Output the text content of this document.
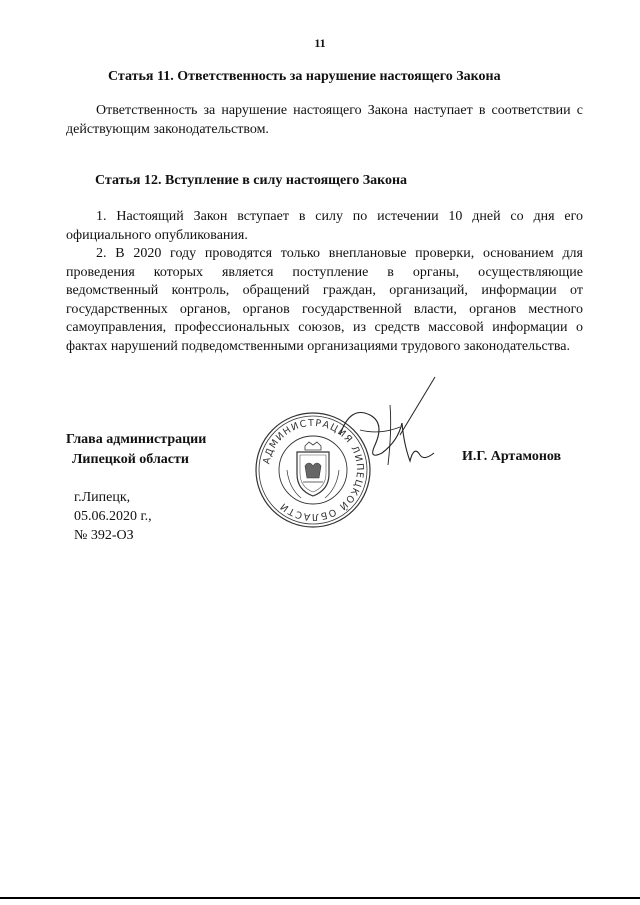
11
Статья 11. Ответственность за нарушение настоящего Закона
Ответственность за нарушение настоящего Закона наступает в соответствии с действующим законодательством.
Статья 12. Вступление в силу настоящего Закона
1. Настоящий Закон вступает в силу по истечении 10 дней со дня его официального опубликования.
2. В 2020 году проводятся только внеплановые проверки, основанием для проведения которых является поступление в органы, осуществляющие ведомственный контроль, обращений граждан, организаций, информации от государственных органов, органов государственной власти, органов местного самоуправления, профессиональных союзов, из средств массовой информации о фактах нарушений подведомственными организациями трудового законодательства.
Глава администрации
Липецкой области	АДМИНИСТРАЦИЯ ЛИПЕЦКОЙ ОБЛАСТИ
И.Г. Артамонов
г.Липецк,
05.06.2020 г.,
№ 392-ОЗ
